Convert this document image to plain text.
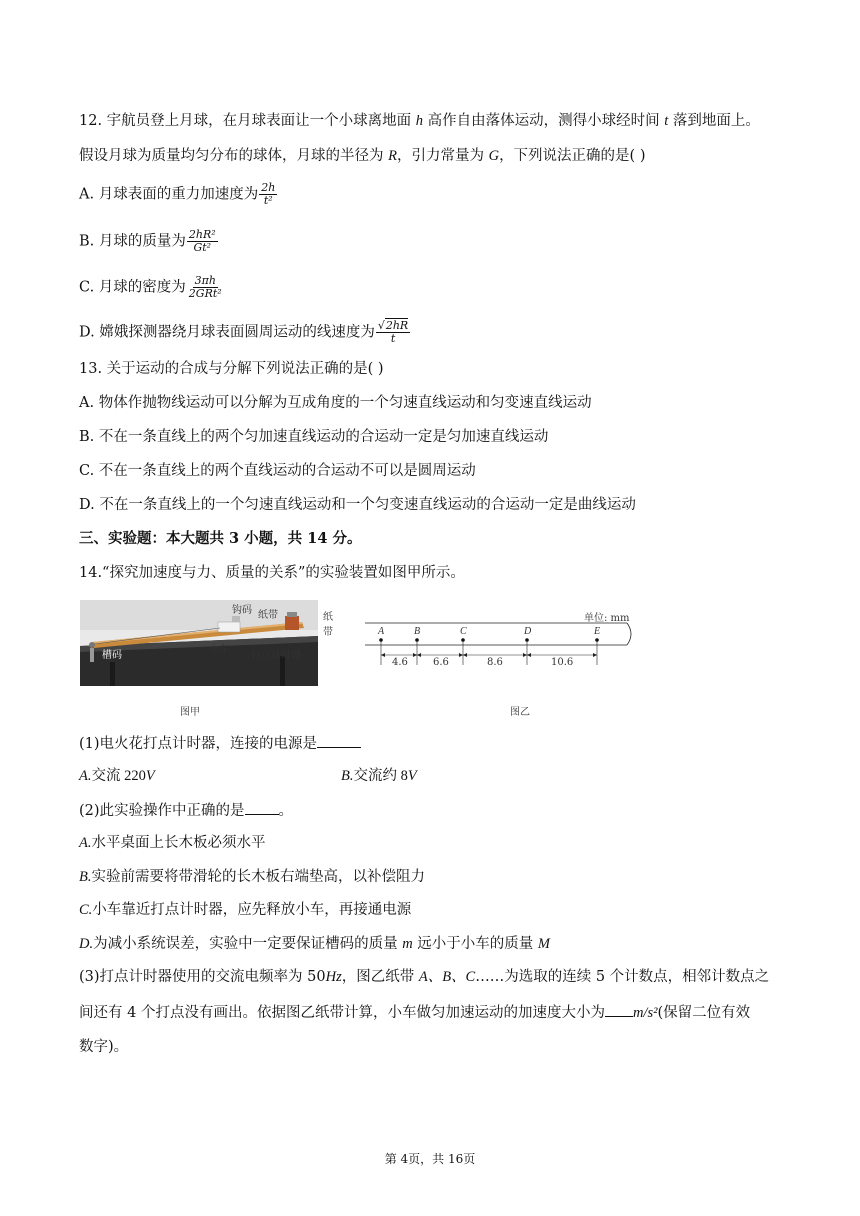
12. 宇航员登上月球，在月球表面让一个小球离地面 h 高作自由落体运动，测得小球经时间 t 落到地面上。
假设月球为质量均匀分布的球体，月球的半径为 R，引力常量为 G，下列说法正确的是( )
A. 月球表面的重力加速度为 $\frac{2h}{\text{t²}}$
B. 月球的质量为 $\frac{\text{2hR²}}{\text{Gt²}}$
C. 月球的密度为 $\frac{3\pi h}{\text{2GRt²}}$
D. 嫦娥探测器绕月球表面圆周运动的线速度为 $\frac{√2hR}{t}$
13. 关于运动的合成与分解下列说法正确的是( )
A. 物体作抛物线运动可以分解为互成角度的一个匀速直线运动和匀变速直线运动
B. 不在一条直线上的两个匀加速直线运动的合运动一定是匀加速直线运动
C. 不在一条直线上的两个直线运动的合运动不可以是圆周运动
D. 不在一条直线上的一个匀速直线运动和一个匀变速直线运动的合运动一定是曲线运动
三、实验题：本大题共 3 小题，共 14 分。
14.“探究加速度与力、质量的关系”的实验装置如图甲所示。
钩码 纸带	纸带
槽码
小车
打点计时器
图甲
单位: mm
A	B	C	D	E
4.6	6.6	8.6	10.6
图乙
(1)电火花打点计时器，连接的电源是
A.交流 220V	B.交流约 8V
(2)此实验操作中正确的是 。
A.水平桌面上长木板必须水平
B.实验前需要将带滑轮的长木板右端垫高，以补偿阻力
C.小车靠近打点计时器，应先释放小车，再接通电源
D.为减小系统误差，实验中一定要保证槽码的质量 m 远小于小车的质量 M
(3)打点计时器使用的交流电频率为 50Hz，图乙纸带 A、B、C……为选取的连续 5 个计数点，相邻计数点之
间还有 4 个打点没有画出。依据图乙纸带计算，小车做匀加速运动的加速度大小为 m/s²(保留二位有效
数字)。
第 4页，共 16页
